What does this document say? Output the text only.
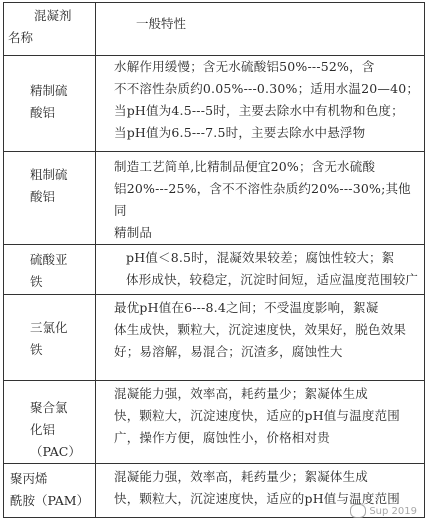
混凝剂
名称	一般特性

精制硫
酸铝	水解作用缓慢；含无水硫酸铝50%---52%，含
不不溶性杂质约0.05%---0.30%；适用水温20—40；
当pH值为4.5---5时，主要去除水中有机物和色度；
当pH值为6.5---7.5时，主要去除水中悬浮物

粗制硫
酸铝	制造工艺简单,比精制品便宜20%；含无水硫酸
铝20%---25%，含不不溶性杂质约20%---30%;其他同
精制品

硫酸亚
铁	pH值＜8.5时，混凝效果较差；腐蚀性较大；絮
体形成快，较稳定，沉淀时间短，适应温度范围较广

三氯化
铁	最优pH值在6---8.4之间；不受温度影响，絮凝
体生成快，颗粒大，沉淀速度快，效果好，脱色效果
好；易溶解，易混合；沉渣多，腐蚀性大

聚合氯
化铝（PAC）	混凝能力强，效率高，耗药量少；絮凝体生成
快，颗粒大，沉淀速度快，适应的pH值与温度范围
广，操作方便，腐蚀性小，价格相对贵

聚丙烯
酰胺（PAM）	混凝能力强，效率高，耗药量少；絮凝体生成
快，颗粒大，沉淀速度快，适应的pH值与温度范围
Sup 2019
